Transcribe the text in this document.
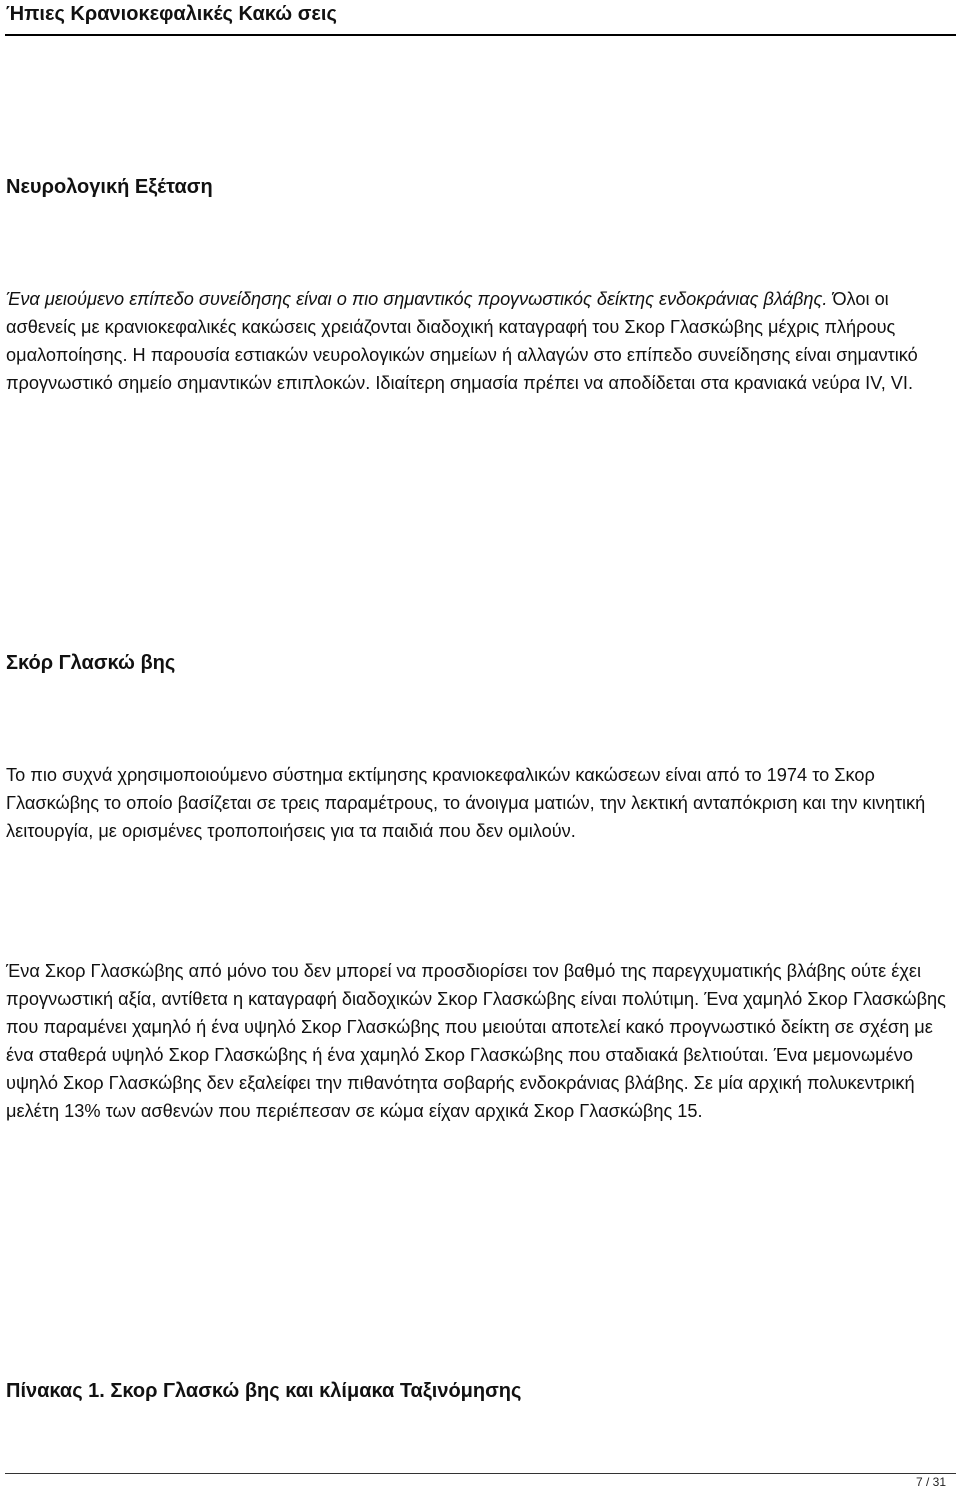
Ήπιες Κρανιοκεφαλικές Κακώ σεις
Νευρολογική Εξέταση

Ένα μειούμενο επίπεδο συνείδησης είναι ο πιο σημαντικός προγνωστικός δείκτης ενδοκράνιας βλάβης. Όλοι οι ασθενείς με κρανιοκεφαλικές κακώσεις χρειάζονται διαδοχική καταγραφή του Σκορ Γλασκώβης μέχρις πλήρους ομαλοποίησης. Η παρουσία εστιακών νευρολογικών σημείων ή αλλαγών στο επίπεδο συνείδησης είναι σημαντικό προγνωστικό σημείο σημαντικών επιπλοκών. Ιδιαίτερη σημασία πρέπει να αποδίδεται στα κρανιακά νεύρα IV, VI.

Σκόρ Γλασκώ βης

Το πιο συχνά χρησιμοποιούμενο σύστημα εκτίμησης κρανιοκεφαλικών κακώσεων είναι από το 1974 το Σκορ Γλασκώβης το οποίο βασίζεται σε τρεις παραμέτρους, το άνοιγμα ματιών, την λεκτική ανταπόκριση και την κινητική λειτουργία, με ορισμένες τροποποιήσεις για τα παιδιά που δεν ομιλούν.

Ένα Σκορ Γλασκώβης από μόνο του δεν μπορεί να προσδιορίσει τον βαθμό της παρεγχυματικής βλάβης ούτε έχει προγνωστική αξία, αντίθετα η καταγραφή διαδοχικών Σκορ Γλασκώβης είναι πολύτιμη. Ένα χαμηλό Σκορ Γλασκώβης που παραμένει χαμηλό ή ένα υψηλό Σκορ Γλασκώβης που μειούται αποτελεί κακό προγνωστικό δείκτη σε σχέση με ένα σταθερά υψηλό Σκορ Γλασκώβης ή ένα χαμηλό Σκορ Γλασκώβης που σταδιακά βελτιούται. Ένα μεμονωμένο υψηλό Σκορ Γλασκώβης δεν εξαλείφει την πιθανότητα σοβαρής ενδοκράνιας βλάβης. Σε μία αρχική πολυκεντρική μελέτη 13% των ασθενών που περιέπεσαν σε κώμα είχαν αρχικά Σκορ Γλασκώβης 15.

Πίνακας 1. Σκορ Γλασκώ βης και κλίμακα Ταξινόμησης
7 / 31
